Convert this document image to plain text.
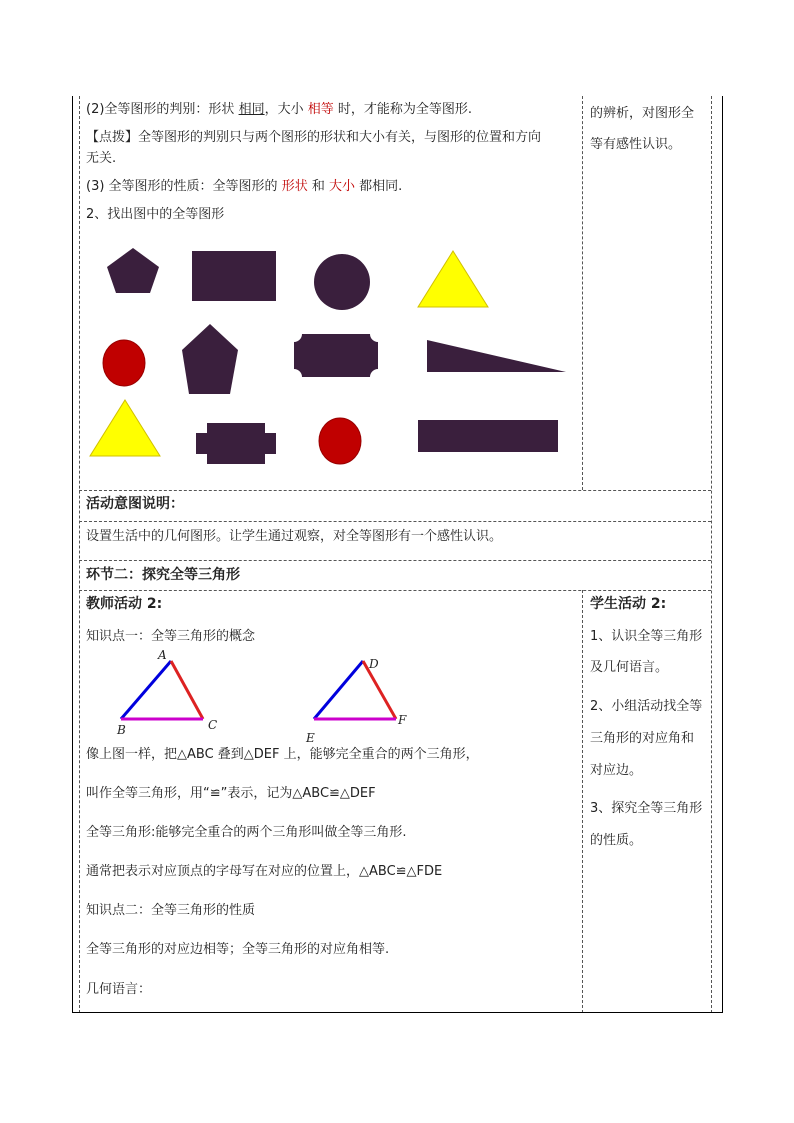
(2)全等图形的判别：形状 相同，大小 相等 时，才能称为全等图形.
【点拨】全等图形的判别只与两个图形的形状和大小有关，与图形的位置和方向
无关.
(3) 全等图形的性质：全等图形的 形状 和 大小 都相同.
2、找出图中的全等图形
的辨析，对图形全
等有感性认识。
A
B	C
D
E
F
活动意图说明：
设置生活中的几何图形。让学生通过观察，对全等图形有一个感性认识。
环节二：探究全等三角形
教师活动 2:
知识点一：全等三角形的概念
像上图一样，把△ABC 叠到△DEF 上，能够完全重合的两个三角形，
叫作全等三角形，用“≌”表示，记为△ABC≌△DEF
全等三角形:能够完全重合的两个三角形叫做全等三角形.
通常把表示对应顶点的字母写在对应的位置上，△ABC≌△FDE
知识点二：全等三角形的性质
全等三角形的对应边相等；全等三角形的对应角相等.
几何语言：
学生活动 2:
1、认识全等三角形
及几何语言。
2、小组活动找全等
三角形的对应角和
对应边。
3、探究全等三角形
的性质。
